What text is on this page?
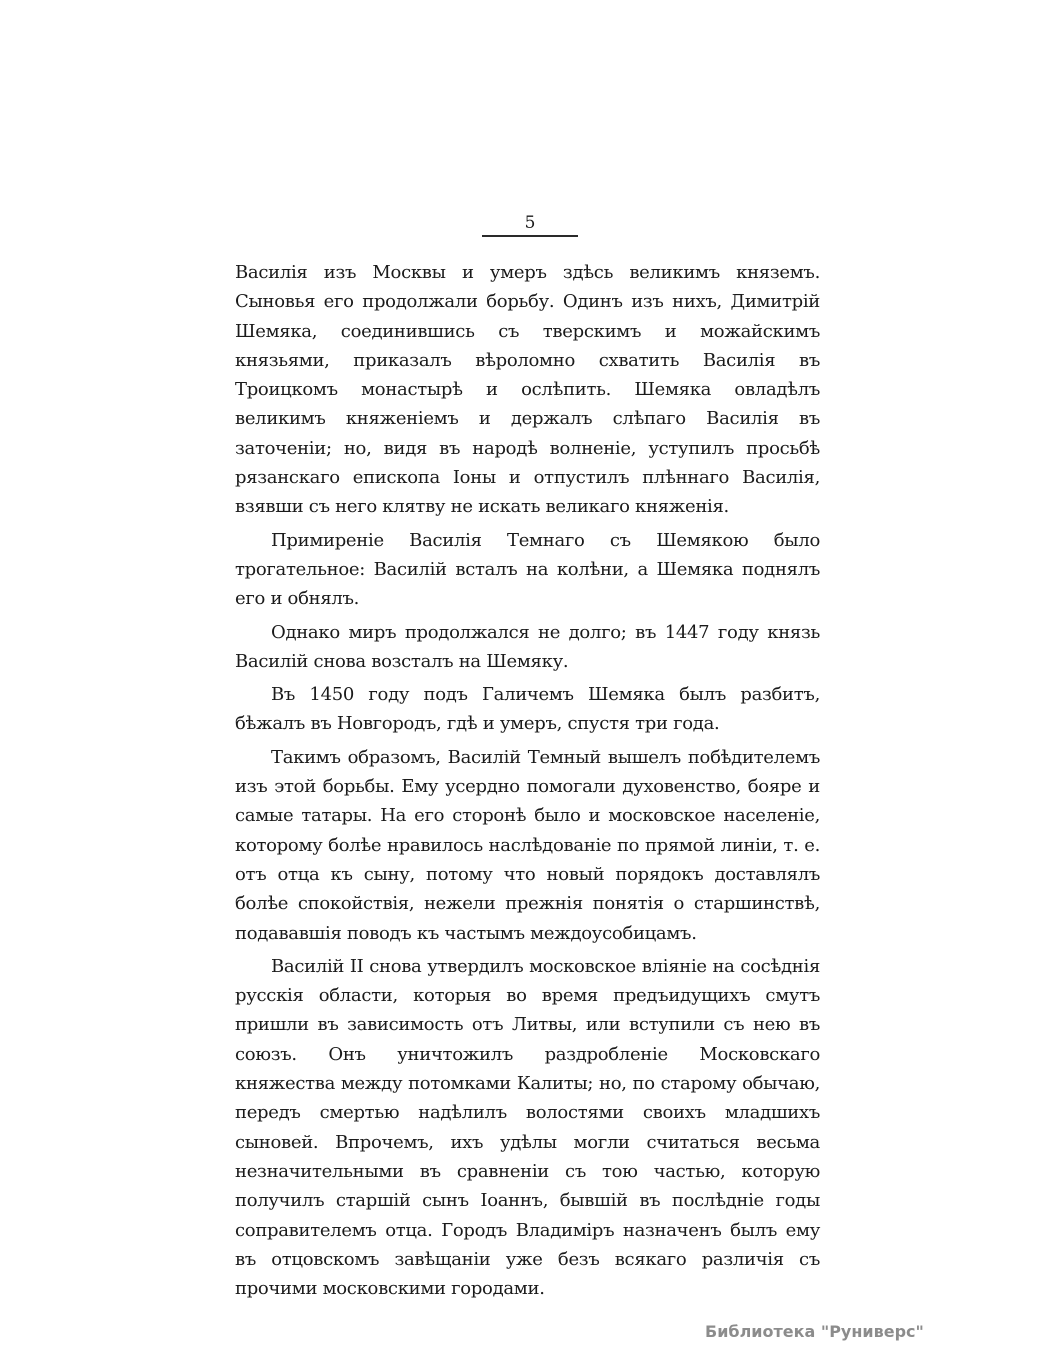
5

Василія изъ Москвы и умеръ здѣсь великимъ княземъ. Сыновья его продолжали борьбу. Одинъ изъ нихъ, Димитрій Шемяка, соединившись съ тверскимъ и можайскимъ князьями, приказалъ вѣроломно схватить Василія въ Троицкомъ монастырѣ и ослѣпить. Шемяка овладѣлъ великимъ княженіемъ и держалъ слѣпаго Василія въ заточеніи; но, видя въ народѣ волненіе, уступилъ просьбѣ рязанскаго епископа Іоны и отпустилъ плѣннаго Василія, взявши съ него клятву не искать великаго княженія.

Примиреніе Василія Темнаго съ Шемякою было трогательное: Василій всталъ на колѣни, а Шемяка поднялъ его и обнялъ.

Однако миръ продолжался не долго; въ 1447 году князь Василій снова возсталъ на Шемяку.

Въ 1450 году подъ Галичемъ Шемяка былъ разбитъ, бѣжалъ въ Новгородъ, гдѣ и умеръ, спустя три года.

Такимъ образомъ, Василій Темный вышелъ побѣдителемъ изъ этой борьбы. Ему усердно помогали духовенство, бояре и самые татары. На его сторонѣ было и московское населеніе, которому болѣе нравилось наслѣдованіе по прямой линіи, т. е. отъ отца къ сыну, потому что новый порядокъ доставлялъ болѣе спокойствія, нежели прежнія понятія о старшинствѣ, подававшія поводъ къ частымъ междоусобицамъ.

Василій II снова утвердилъ московское вліяніе на сосѣднія русскія области, которыя во время предъидущихъ смутъ пришли въ зависимость отъ Литвы, или вступили съ нею въ союзъ. Онъ уничтожилъ раздробленіе Московскаго княжества между потомками Калиты; но, по старому обычаю, передъ смертью надѣлилъ волостями своихъ младшихъ сыновей. Впрочемъ, ихъ удѣлы могли считаться весьма незначительными въ сравненіи съ тою частью, которую получилъ старшій сынъ Іоаннъ, бывшій въ послѣдніе годы соправителемъ отца. Городъ Владиміръ назначенъ былъ ему въ отцовскомъ завѣщаніи уже безъ всякаго различія съ прочими московскими городами.

Библиотека "Руниверс"
